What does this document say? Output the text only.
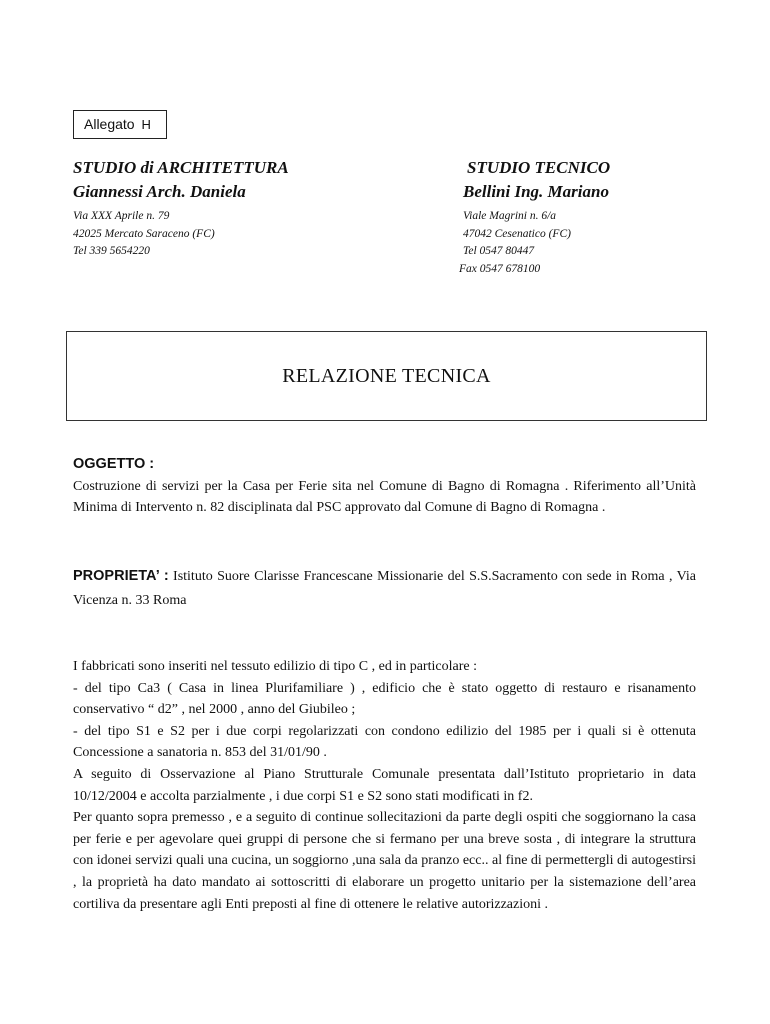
Allegato H
STUDIO di ARCHITETTURA
Giannessi Arch. Daniela
Via XXX Aprile n. 79
42025 Mercato Saraceno (FC)
Tel 339 5654220
STUDIO TECNICO
Bellini Ing. Mariano
Viale Magrini n. 6/a
47042 Cesenatico (FC)
Tel 0547 80447
Fax 0547 678100
RELAZIONE TECNICA
OGGETTO :
Costruzione di servizi per la Casa per Ferie sita nel Comune di Bagno di Romagna . Riferimento all’Unità Minima di Intervento n. 82 disciplinata dal PSC approvato dal Comune di Bagno di Romagna .
PROPRIETA’ : Istituto Suore Clarisse Francescane Missionarie del S.S.Sacramento con sede in Roma , Via Vicenza n. 33 Roma

I fabbricati sono inseriti nel tessuto edilizio di tipo C , ed in particolare :

- del tipo Ca3 ( Casa in linea Plurifamiliare ) , edificio che è stato oggetto di restauro e risanamento conservativo “ d2” , nel 2000 , anno del Giubileo ;

- del tipo S1 e S2 per i due corpi regolarizzati con condono edilizio del 1985 per i quali si è ottenuta Concessione a sanatoria n. 853 del 31/01/90 .

A seguito di Osservazione al Piano Strutturale Comunale presentata dall’Istituto proprietario in data 10/12/2004 e accolta parzialmente , i due corpi S1 e S2 sono stati modificati in f2.

Per quanto sopra premesso , e a seguito di continue sollecitazioni da parte degli ospiti che soggiornano la casa per ferie e per agevolare quei gruppi di persone che si fermano per una breve sosta , di integrare la struttura con idonei servizi quali una cucina, un soggiorno ,una sala da pranzo ecc.. al fine di permettergli di autogestirsi , la proprietà ha dato mandato ai sottoscritti di elaborare un progetto unitario per la sistemazione dell’area cortiliva da presentare agli Enti preposti al fine di ottenere le relative autorizzazioni .
